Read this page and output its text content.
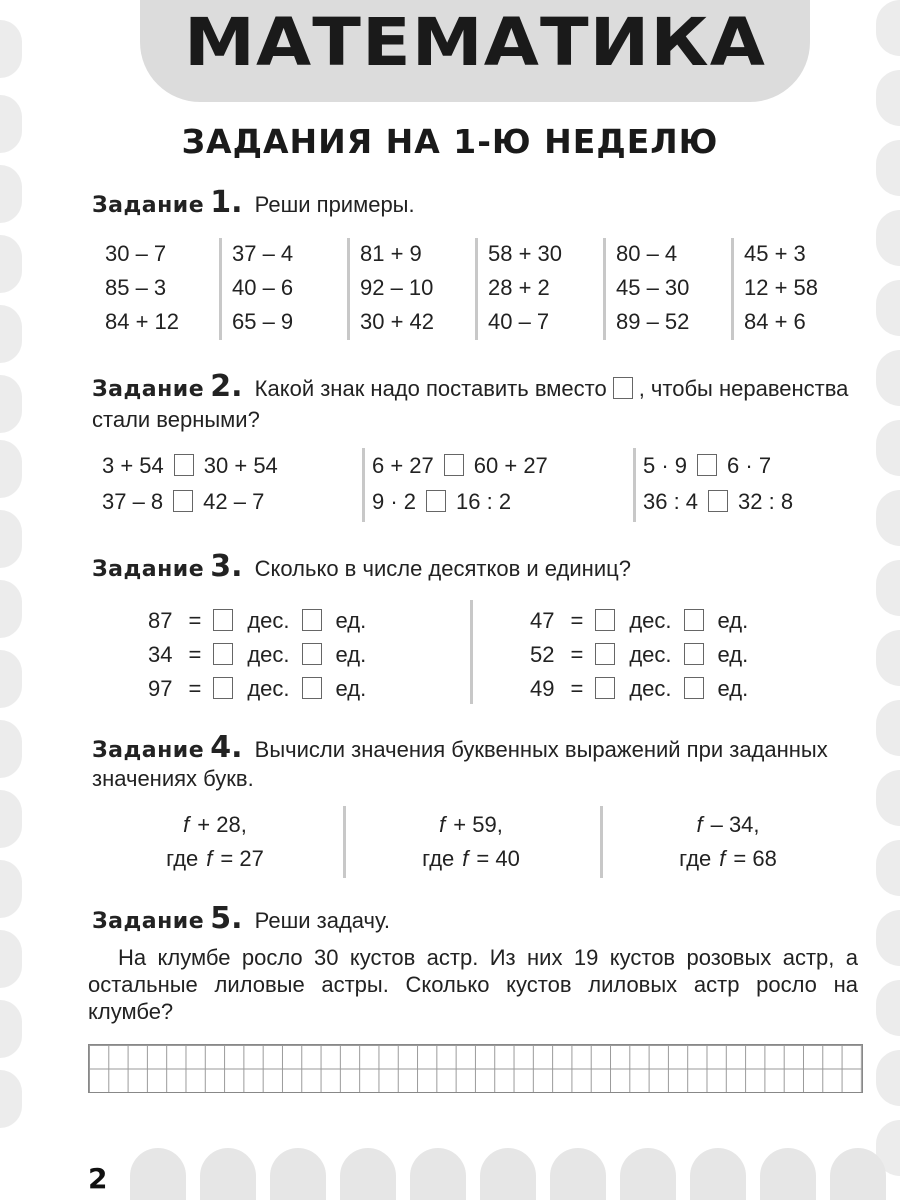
МАТЕМАТИКА
ЗАДАНИЯ НА 1-Ю НЕДЕЛЮ
Задание 1. Реши примеры.
30 – 7
85 – 3
84 + 12
37 – 4
40 – 6
65 – 9
81 + 9
92 – 10
30 + 42
58 + 30
28 + 2
40 – 7
80 – 4
45 – 30
89 – 52
45 + 3
12 + 58
84 + 6
Задание 2. Какой знак надо поставить вместо , чтобы неравенства стали верными?
3 + 54 30 + 54
37 – 8 42 – 7
6 + 27 60 + 27
9 · 2 16 : 2
5 · 9 6 · 7
36 : 4 32 : 8
Задание 3. Сколько в числе десятков и единиц?
87 = дес. ед.
34 = дес. ед.
97 = дес. ед.
47 = дес. ед.
52 = дес. ед.
49 = дес. ед.
Задание 4. Вычисли значения буквенных выражений при заданных значениях букв.
f + 28,
где f = 27
f + 59,
где f = 40
f – 34,
где f = 68
Задание 5. Реши задачу.
На клумбе росло 30 кустов астр. Из них 19 кустов розовых астр, а остальные лиловые астры. Сколько кустов лиловых астр росло на клумбе?
2
